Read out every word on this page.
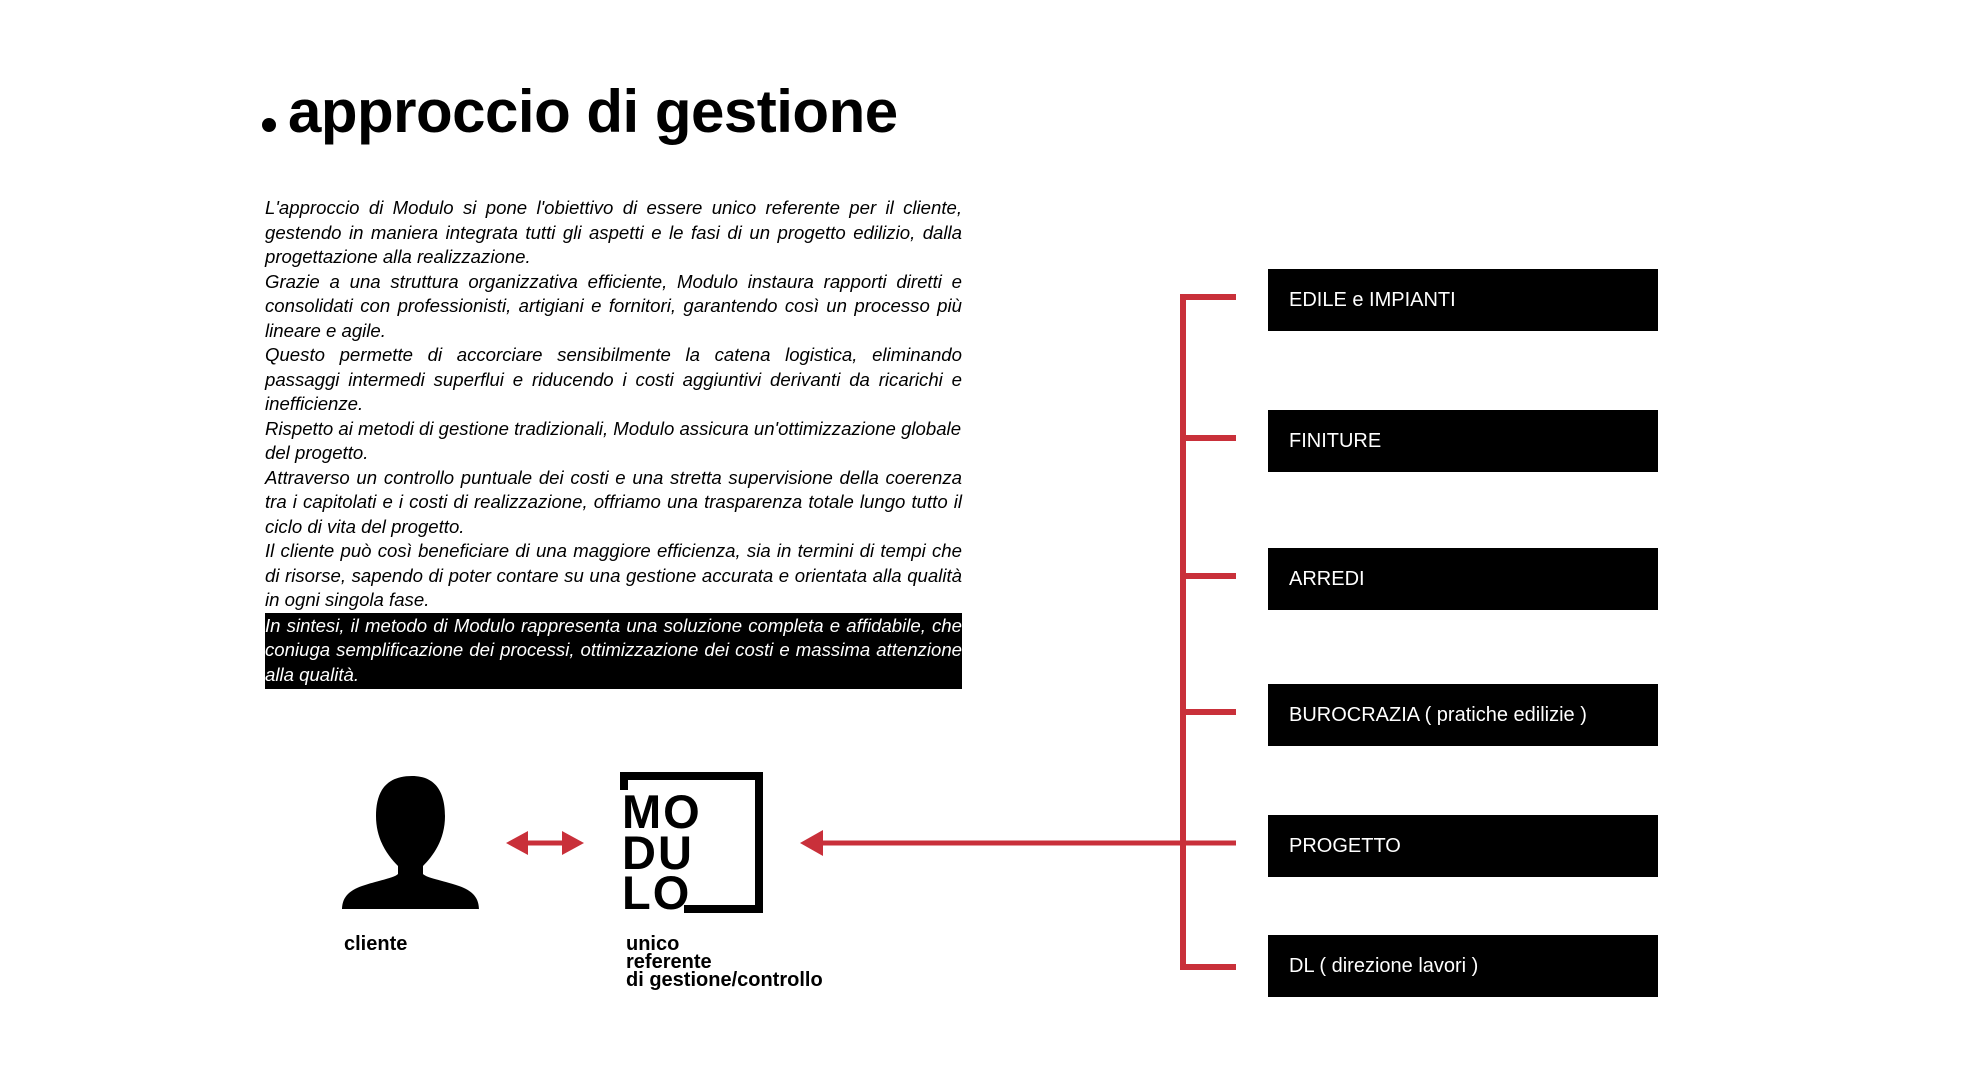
approccio di gestione

L'approccio di Modulo si pone l'obiettivo di essere unico referente per il cliente, gestendo in maniera integrata tutti gli aspetti e le fasi di un progetto edilizio, dalla progettazione alla realizzazione.

Grazie a una struttura organizzativa efficiente, Modulo instaura rapporti diretti e consolidati con professionisti, artigiani e fornitori, garantendo così un processo più lineare e agile.

Questo permette di accorciare sensibilmente la catena logistica, eliminando passaggi intermedi superflui e riducendo i costi aggiuntivi derivanti da ricarichi e inefficienze.

Rispetto ai metodi di gestione tradizionali, Modulo assicura un'ottimizzazione globale del progetto.

Attraverso un controllo puntuale dei costi e una stretta supervisione della coerenza tra i capitolati e i costi di realizzazione, offriamo una trasparenza totale lungo tutto il ciclo di vita del progetto.

Il cliente può così beneficiare di una maggiore efficienza, sia in termini di tempi che di risorse, sapendo di poter contare su una gestione accurata e orientata alla qualità in ogni singola fase.

In sintesi, il metodo di Modulo rappresenta una soluzione completa e affidabile, che coniuga semplificazione dei processi, ottimizzazione dei costi e massima attenzione alla qualità.

MO
DU
LO
cliente	unico
referente
di gestione/controllo
EDILE e IMPIANTI
FINITURE
ARREDI
BUROCRAZIA ( pratiche edilizie )
PROGETTO
DL ( direzione lavori )
